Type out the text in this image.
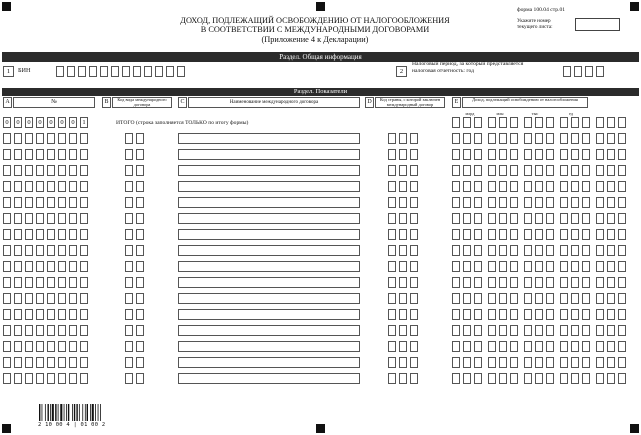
ДОХОД, ПОДЛЕЖАЩИЙ ОСВОБОЖДЕНИЮ ОТ НАЛОГООБЛОЖЕНИЯ
В СООТВЕТСТВИИ С МЕЖДУНАРОДНЫМИ ДОГОВОРАМИ
(Приложение 4 к Декларации)
форма 100.04 стр.01
Укажите номер
текущего листа:
Раздел. Общая информация
1	БИН	2
Налоговый период, за который представляется
налоговая отчетность: год
Раздел. Показатели
A	№	B	Код вида международного договора	C	Наименование международного договора	D	Код страны, с которой заключен международный договор	E	Доход, подлежащий освобождению от налогообложения
млрд	млн	тыс	ед
ИТОГО (строка заполняется ТОЛЬКО по итогу формы)
0	0	0	0	0	0	0	1
2 10 00 4 | 01 00 2
